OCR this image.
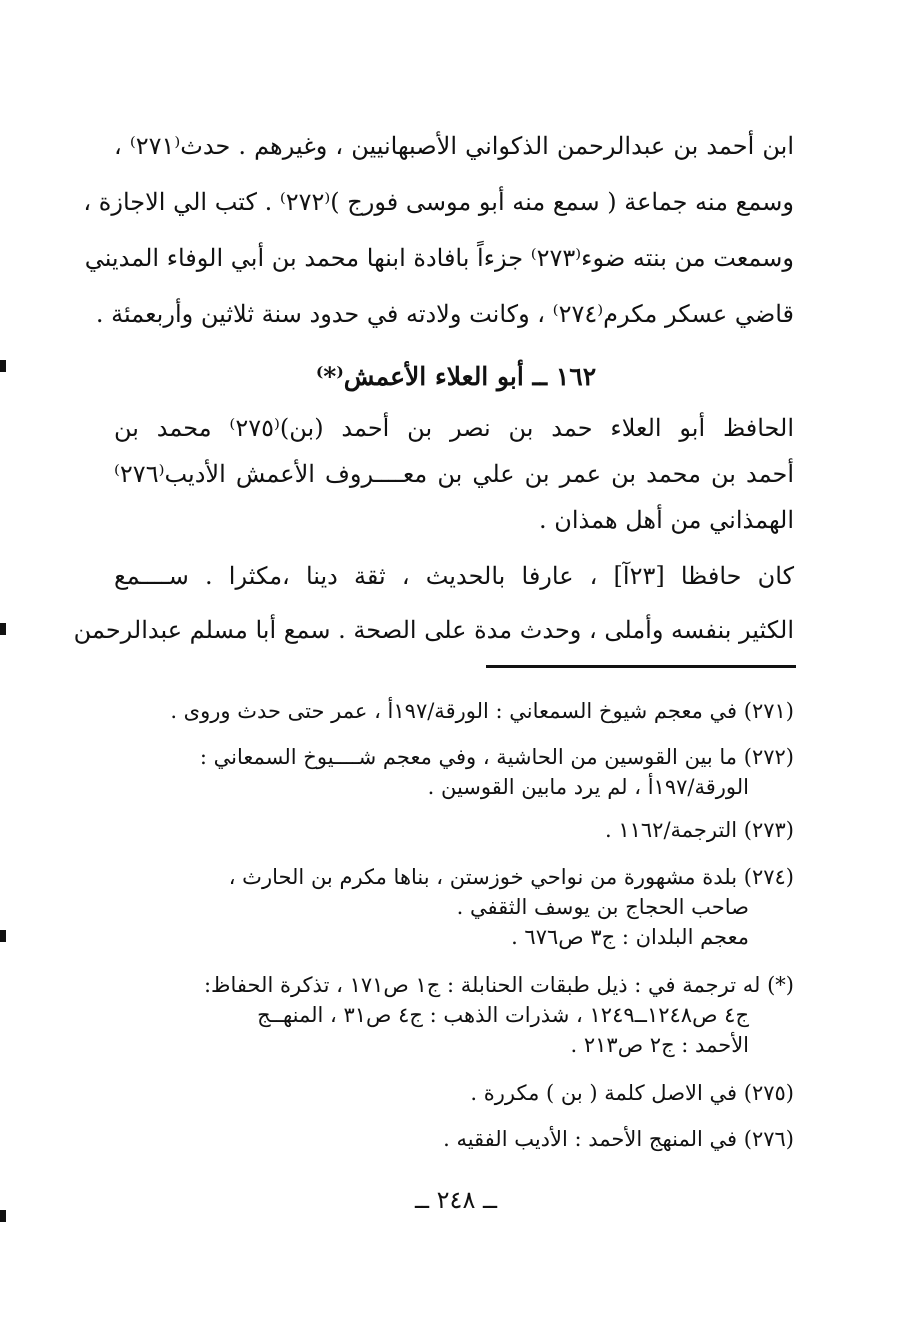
ابن أحمد بن عبدالرحمن الذكواني الأصبهانيين ، وغيرهم . حدث⁽٢٧١⁾ ،
وسمع منه جماعة ( سمع منه أبو موسى فورج )⁽٢٧٢⁾ . كتب الي الاجازة ،
وسمعت من بنته ضوء⁽٢٧٣⁾ جزءاً بافادة ابنها محمد بن أبي الوفاء المديني
قاضي عسكر مكرم⁽٢٧٤⁾ ، وكانت ولادته في حدود سنة ثلاثين وأربعمئة .
١٦٢ ــ أبو العلاء الأعمش⁽*⁾
الحافظ أبو العلاء حمد بن نصر بن أحمد (بن)⁽٢٧٥⁾ محمد بن
أحمد بن محمد بن عمر بن علي بن معــــروف الأعمش الأديب⁽٢٧٦⁾
الهمذاني من أهل همذان .
كان حافظا [٢٣آ] ، عارفا بالحديث ، ثقة دينا ،مكثرا . ســــمع
الكثير بنفسه وأملى ، وحدث مدة على الصحة . سمع أبا مسلم عبدالرحمن
(٢٧١) في معجم شيوخ السمعاني : الورقة/١٩٧أ ، عمر حتى حدث وروى .
(٢٧٢) ما بين القوسين من الحاشية ، وفي معجم شــــيوخ السمعاني :
الورقة/١٩٧أ ، لم يرد مابين القوسين .
(٢٧٣) الترجمة/١١٦٢ .
(٢٧٤) بلدة مشهورة من نواحي خوزستن ، بناها مكرم بن الحارث ،
صاحب الحجاج بن يوسف الثقفي .
معجم البلدان : ج٣ ص٦٧٦ .
(*) له ترجمة في : ذيل طبقات الحنابلة : ج١ ص١٧١ ، تذكرة الحفاظ:
ج٤ ص١٢٤٨ــ١٢٤٩ ، شذرات الذهب : ج٤ ص٣١ ، المنهــج
الأحمد : ج٢ ص٢١٣ .
(٢٧٥) في الاصل كلمة ( بن ) مكررة .
(٢٧٦) في المنهج الأحمد : الأديب الفقيه .
ــ ٢٤٨ ــ
